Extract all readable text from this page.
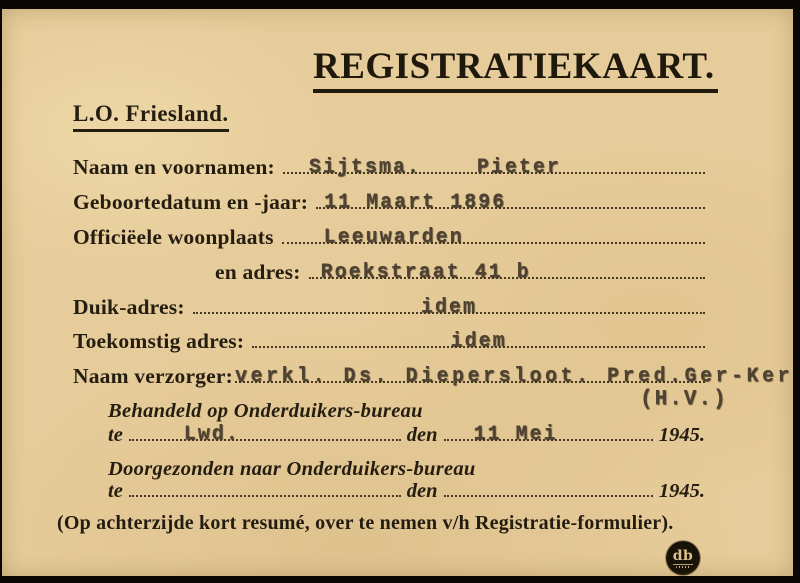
REGISTRATIEKAART.
L.O. Friesland.
Naam en voornamen: Sijtsma.    Pieter
Geboortedatum en -jaar: 11 Maart 1896
Officiëele woonplaats	Leeuwarden
en adres: Roekstraat 41 b
Duik-adres:	idem
Toekomstig adres:	idem
Naam verzorger: verkl. Ds. Diepersloot. Pred.Ger-Ker
(H.V.)
Behandeld op Onderduikers-bureau
te	Lwd.	den 11 Mei	1945.
Doorgezonden naar Onderduikers-bureau
te	den	1945.
(Op achterzijde kort resumé, over te nemen v/h Registratie-formulier).
db
